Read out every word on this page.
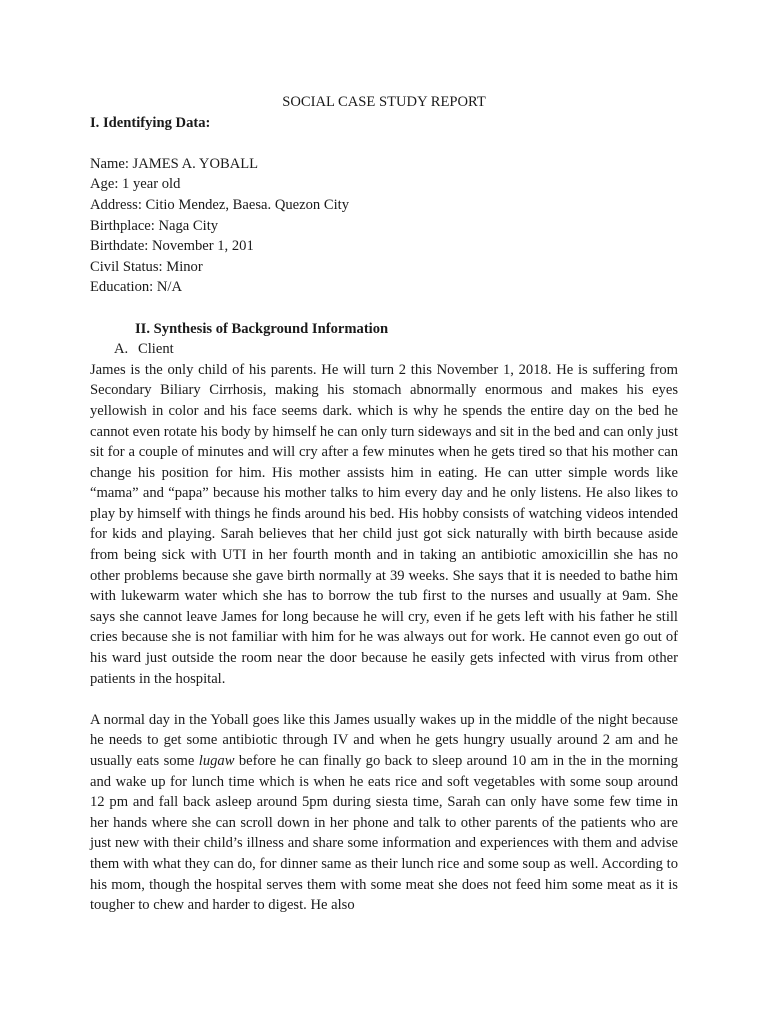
SOCIAL CASE STUDY REPORT

I. Identifying Data:

Name: JAMES A. YOBALL

Age: 1 year old

Address: Citio Mendez, Baesa. Quezon City

Birthplace: Naga City

Birthdate: November 1, 201

Civil Status: Minor

Education: N/A

II. Synthesis of Background Information

A. Client

James is the only child of his parents. He will turn 2 this November 1, 2018. He is suffering from Secondary Biliary Cirrhosis, making his stomach abnormally enormous and makes his eyes yellowish in color and his face seems dark. which is why he spends the entire day on the bed he cannot even rotate his body by himself he can only turn sideways and sit in the bed and can only just sit for a couple of minutes and will cry after a few minutes when he gets tired so that his mother can change his position for him. His mother assists him in eating. He can utter simple words like “mama” and “papa” because his mother talks to him every day and he only listens. He also likes to play by himself with things he finds around his bed. His hobby consists of watching videos intended for kids and playing. Sarah believes that her child just got sick naturally with birth because aside from being sick with UTI in her fourth month and in taking an antibiotic amoxicillin she has no other problems because she gave birth normally at 39 weeks. She says that it is needed to bathe him with lukewarm water which she has to borrow the tub first to the nurses and usually at 9am. She says she cannot leave James for long because he will cry, even if he gets left with his father he still cries because she is not familiar with him for he was always out for work. He cannot even go out of his ward just outside the room near the door because he easily gets infected with virus from other patients in the hospital.

A normal day in the Yoball goes like this James usually wakes up in the middle of the night because he needs to get some antibiotic through IV and when he gets hungry usually around 2 am and he usually eats some lugaw before he can finally go back to sleep around 10 am in the in the morning and wake up for lunch time which is when he eats rice and soft vegetables with some soup around 12 pm and fall back asleep around 5pm during siesta time, Sarah can only have some few time in her hands where she can scroll down in her phone and talk to other parents of the patients who are just new with their child’s illness and share some information and experiences with them and advise them with what they can do, for dinner same as their lunch rice and some soup as well. According to his mom, though the hospital serves them with some meat she does not feed him some meat as it is tougher to chew and harder to digest. He also
